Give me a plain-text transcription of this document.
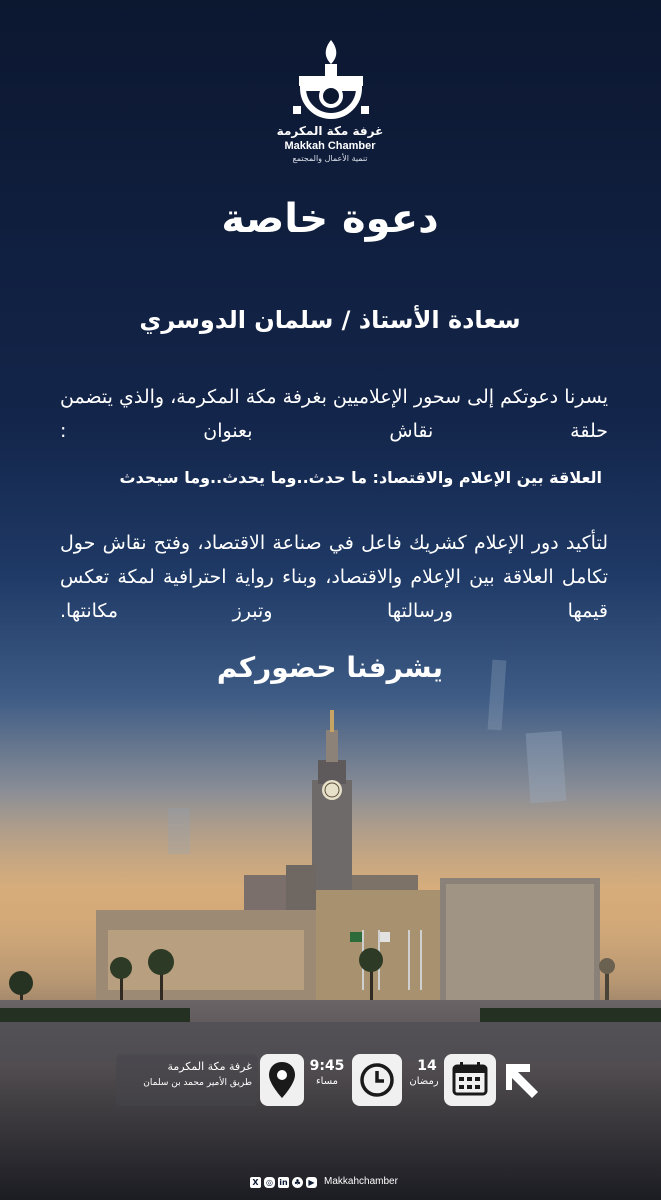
غرفة مكة المكرمة
Makkah Chamber
تنمية الأعمال والمجتمع
دعوة خاصة
سعادة الأستاذ / سلمان الدوسري
يسرنا دعوتكم إلى سحور الإعلاميين بغرفة مكة المكرمة، والذي يتضمن حلقة نقاش بعنوان :
العلاقة بين الإعلام والاقتصاد: ما حدث..وما يحدث..وما سيحدث
لتأكيد دور الإعلام كشريك فاعل في صناعة الاقتصاد، وفتح نقاش حول تكامل العلاقة بين الإعلام والاقتصاد، وبناء رواية احترافية لمكة تعكس قيمها ورسالتها وتبرز مكانتها.
يشرفنا حضوركم
14
رمضان
9:45
مساء
غرفة مكة المكرمة
طريق الأمير محمد بن سلمان
X ◎ in ♣ ▶ Makkahchamber
